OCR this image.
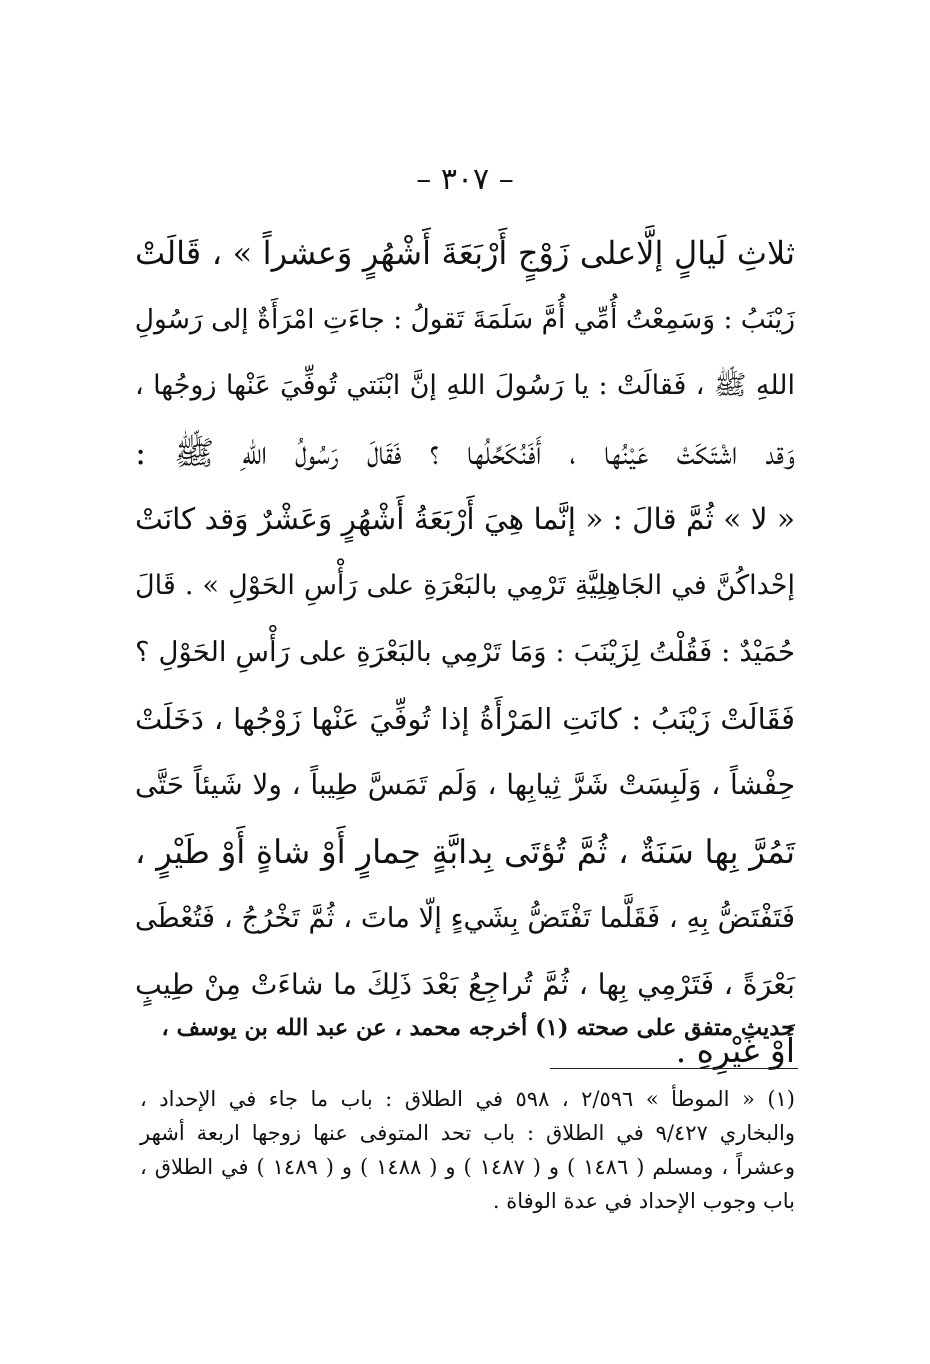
– ٣٠٧ –
ثلاثِ لَيالٍ إلَّاعلى زَوْجٍ أَرْبَعَةَ أَشْهُرٍ وَعشراً » ، قَالَتْ
زَيْنَبُ : وَسَمِعْتُ أُمِّي أُمَّ سَلَمَةَ تَقولُ : جاءَتِ امْرَأَةٌ إلى رَسُولِ
اللهِ ﷺ ، فَقالَتْ : يا رَسُولَ اللهِ إنَّ ابْنَتي تُوفِّيَ عَنْها زوجُها ،
وَقد اشْتَكَتْ عَيْنُها ، أَفَنُكَحِّلُها ؟ فَقَالَ رَسُولُ اللهِ ﷺ :
« لا » ثُمَّ قالَ : « إنَّما هِيَ أَرْبَعَةُ أَشْهُرٍ وَعَشْرٌ وَقد كانَتْ
إحْداكُنَّ في الجَاهِلِيَّةِ تَرْمِي بالبَعْرَةِ على رَأْسِ الحَوْلِ » . قَالَ
حُمَيْدٌ : فَقُلْتُ لِزَيْنَبَ : وَمَا تَرْمِي بالبَعْرَةِ على رَأْسِ الحَوْلِ ؟
فَقَالَتْ زَيْنَبُ : كانَتِ المَرْأَةُ إذا تُوفِّيَ عَنْها زَوْجُها ، دَخَلَتْ
حِفْشاً ، وَلَبِسَتْ شَرَّ ثِيابِها ، وَلَم تَمَسَّ طِيباً ، ولا شَيئاً حَتَّى
تَمُرَّ بِها سَنَةٌ ، ثُمَّ تُؤتَى بِدابَّةٍ حِمارٍ أَوْ شاةٍ أَوْ طَيْرٍ ،
فَتَفْتَضُّ بِهِ ، فَقَلَّما تَفْتَضُّ بِشَيءٍ إلّا ماتَ ، ثُمَّ تَخْرُجُ ، فَتُعْطَى
بَعْرَةً ، فَتَرْمِي بِها ، ثُمَّ تُراجِعُ بَعْدَ ذَلِكَ ما شاءَتْ مِنْ طِيبٍ
أَوْ غَيْرِهِ .
حديث متفق على صحته (١) أخرجه محمد ، عن عبد الله بن يوسف ،
(١) « الموطأ » ٢/٥٩٦ ، ٥٩٨ في الطلاق : باب ما جاء في الإحداد ،
والبخاري ٩/٤٢٧ في الطلاق : باب تحد المتوفى عنها زوجها اربعة أشهر
وعشراً ، ومسلم ( ١٤٨٦ ) و ( ١٤٨٧ ) و ( ١٤٨٨ ) و ( ١٤٨٩ ) في الطلاق ،
باب وجوب الإحداد في عدة الوفاة .
